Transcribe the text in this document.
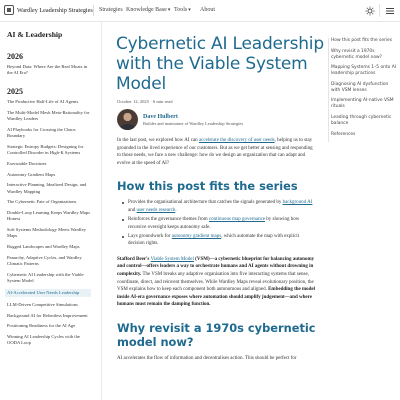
Wardley Leadership Strategies Strategies Knowledge Base▾ Tools▾ About
AI & Leadership
2026
Beyond Data: Where Are the Real Moats in the AI Era?
2025
The Productive Half-Life of AI Agents
The Multi-Model Mesh Meta-Rationality for Wardley Leaders
AI Playbooks for Crossing the Chaos Boundary
Strategic Entropy Budgets: Designing for Controlled Disorder in High-K Systems
Executable Doctrines
Autonomy Gradient Maps
Interactive Planning, Idealized Design, and Wardley Mapping
The Cybernetic Fate of Organizations
Double-Loop Learning Keeps Wardley Maps Honest
Soft Systems Methodology Meets Wardley Maps
Rugged Landscapes and Wardley Maps
Panarchy, Adaptive Cycles, and Wardley Climatic Patterns
Cybernetic AI Leadership with the Viable System Model
AI-Accelerated User Needs Leadership
LLM-Driven Competitive Simulations
Background AI for Relentless Improvement
Positioning Readiness for the AI Age
Winning AI Leadership Cycles with the OODA Loop
Cybernetic AI Leadership with the Viable System Model
October 12, 2025 · 6 min read
Dave Hulbert
Builder and maintainer of Wardley Leadership Strategies

In the last post, we explored how AI can accelerate the discovery of user needs, helping us to stay grounded in the lived experience of our customers. But as we get better at sensing and responding to those needs, we face a new challenge: how do we design an organization that can adapt and evolve at the speed of AI?

How this post fits the series
Provides the organisational architecture that catches the signals generated by background AI and user needs research.
Reinforces the governance themes from continuous map governance by showing how recursive oversight keeps autonomy safe.
Lays groundwork for autonomy gradient maps, which automate the map with explicit decision rights.

Stafford Beer's Viable System Model (VSM)—a cybernetic blueprint for balancing autonomy and control—offers leaders a way to orchestrate humans and AI agents without drowning in complexity. The VSM breaks any adaptive organisation into five interacting systems that sense, coordinate, direct, and reinvent themselves. While Wardley Maps reveal evolutionary position, the VSM explains how to keep each component both autonomous and aligned. Embedding the model inside AI-era governance exposes where automation should amplify judgement—and where humans must remain the damping function.

Why revisit a 1970s cybernetic model now?

AI accelerates the flow of information and decentralises action. This should be perfect for

How this post fits the series
Why revisit a 1970s cybernetic model now?
Mapping Systems 1–5 onto AI leadership practices
Diagnosing AI dysfunction with VSM lenses
Implementing AI-native VSM rituals
Leading through cybernetic balance
References
